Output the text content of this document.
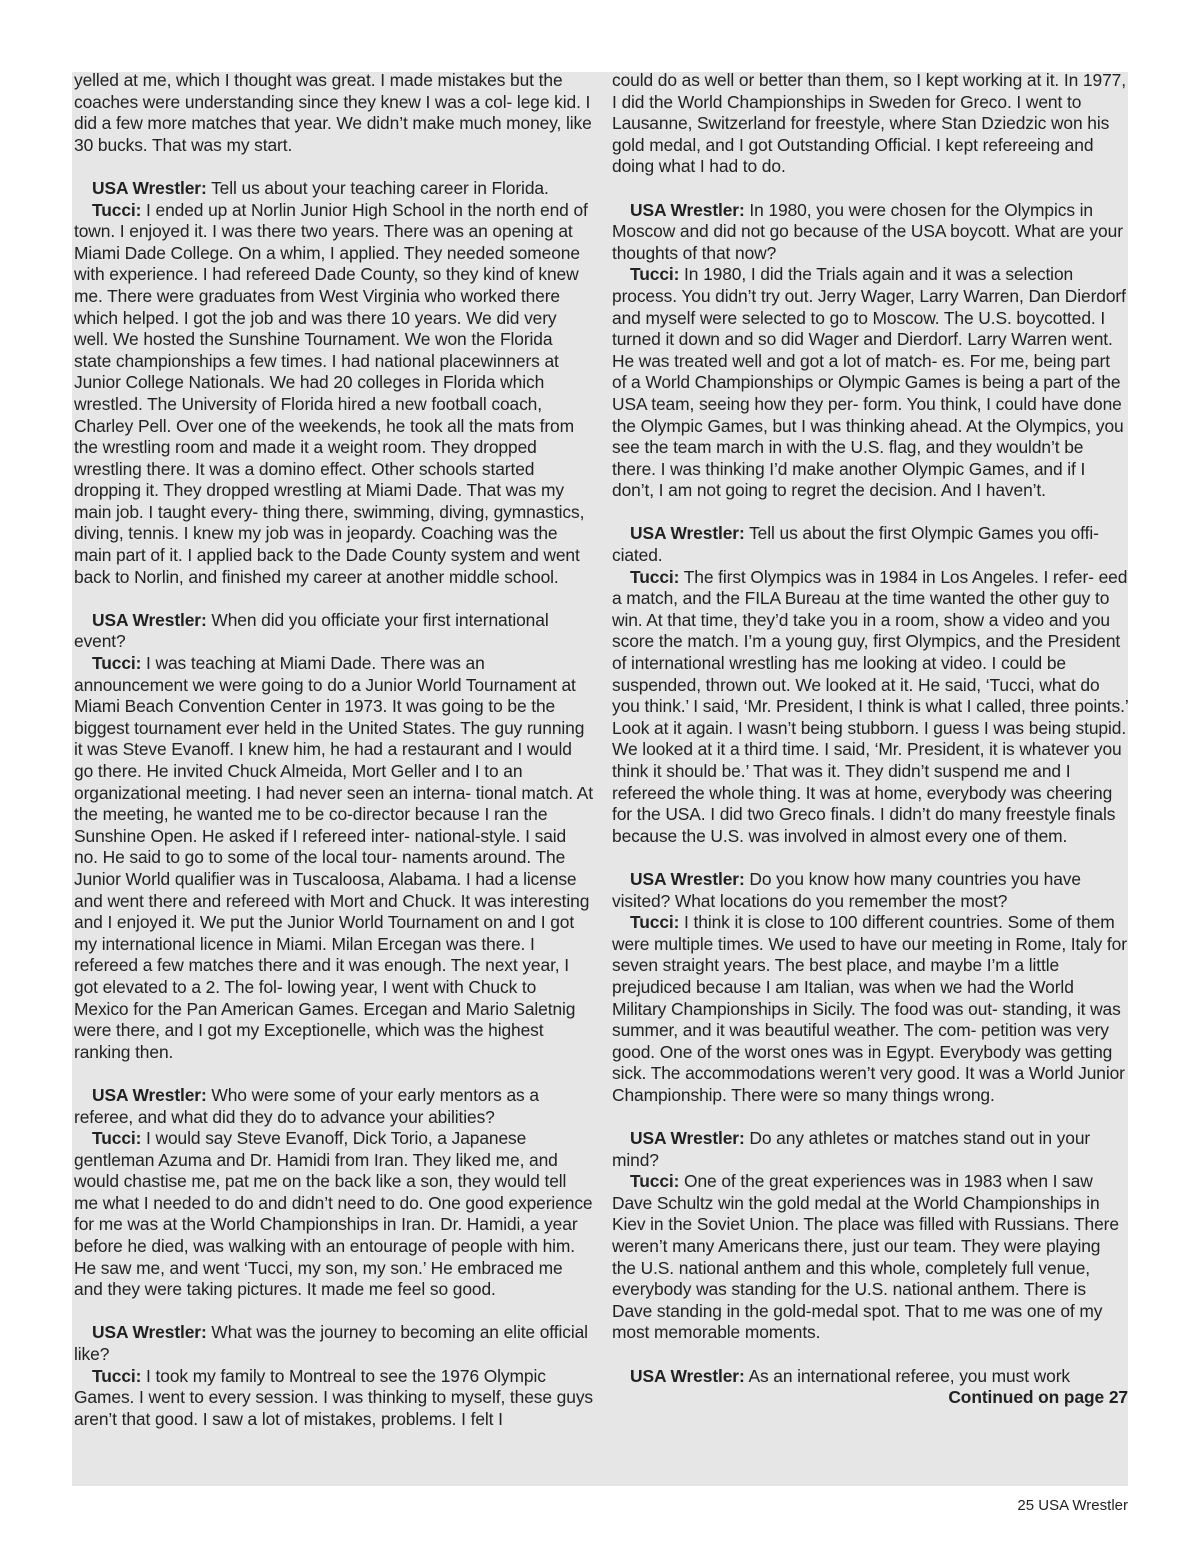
yelled at me, which I thought was great. I made mistakes but the coaches were understanding since they knew I was a col- lege kid. I did a few more matches that year. We didn’t make much money, like 30 bucks. That was my start.

USA Wrestler: Tell us about your teaching career in Florida.

Tucci: I ended up at Norlin Junior High School in the north end of town. I enjoyed it. I was there two years. There was an opening at Miami Dade College. On a whim, I applied. They needed someone with experience. I had refereed Dade County, so they kind of knew me. There were graduates from West Virginia who worked there which helped. I got the job and was there 10 years. We did very well. We hosted the Sunshine Tournament. We won the Florida state championships a few times. I had national placewinners at Junior College Nationals. We had 20 colleges in Florida which wrestled. The University of Florida hired a new football coach, Charley Pell. Over one of the weekends, he took all the mats from the wrestling room and made it a weight room. They dropped wrestling there. It was a domino effect. Other schools started dropping it. They dropped wrestling at Miami Dade. That was my main job. I taught every- thing there, swimming, diving, gymnastics, diving, tennis. I knew my job was in jeopardy. Coaching was the main part of it. I applied back to the Dade County system and went back to Norlin, and finished my career at another middle school.

USA Wrestler: When did you officiate your first international event?

Tucci: I was teaching at Miami Dade. There was an announcement we were going to do a Junior World Tournament at Miami Beach Convention Center in 1973. It was going to be the biggest tournament ever held in the United States. The guy running it was Steve Evanoff. I knew him, he had a restaurant and I would go there. He invited Chuck Almeida, Mort Geller and I to an organizational meeting. I had never seen an interna- tional match. At the meeting, he wanted me to be co-director because I ran the Sunshine Open. He asked if I refereed inter- national-style. I said no. He said to go to some of the local tour- naments around. The Junior World qualifier was in Tuscaloosa, Alabama. I had a license and went there and refereed with Mort and Chuck. It was interesting and I enjoyed it. We put the Junior World Tournament on and I got my international licence in Miami. Milan Ercegan was there. I refereed a few matches there and it was enough. The next year, I got elevated to a 2. The fol- lowing year, I went with Chuck to Mexico for the Pan American Games. Ercegan and Mario Saletnig were there, and I got my Exceptionelle, which was the highest ranking then.

USA Wrestler: Who were some of your early mentors as a referee, and what did they do to advance your abilities?

Tucci: I would say Steve Evanoff, Dick Torio, a Japanese gentleman Azuma and Dr. Hamidi from Iran. They liked me, and would chastise me, pat me on the back like a son, they would tell me what I needed to do and didn’t need to do. One good experience for me was at the World Championships in Iran. Dr. Hamidi, a year before he died, was walking with an entourage of people with him. He saw me, and went ‘Tucci, my son, my son.’ He embraced me and they were taking pictures. It made me feel so good.

USA Wrestler: What was the journey to becoming an elite official like?

Tucci: I took my family to Montreal to see the 1976 Olympic Games. I went to every session. I was thinking to myself, these guys aren’t that good. I saw a lot of mistakes, problems. I felt I

could do as well or better than them, so I kept working at it. In 1977, I did the World Championships in Sweden for Greco. I went to Lausanne, Switzerland for freestyle, where Stan Dziedzic won his gold medal, and I got Outstanding Official. I kept refereeing and doing what I had to do.

USA Wrestler: In 1980, you were chosen for the Olympics in Moscow and did not go because of the USA boycott. What are your thoughts of that now?

Tucci: In 1980, I did the Trials again and it was a selection process. You didn’t try out. Jerry Wager, Larry Warren, Dan Dierdorf and myself were selected to go to Moscow. The U.S. boycotted. I turned it down and so did Wager and Dierdorf. Larry Warren went. He was treated well and got a lot of match- es. For me, being part of a World Championships or Olympic Games is being a part of the USA team, seeing how they per- form. You think, I could have done the Olympic Games, but I was thinking ahead. At the Olympics, you see the team march in with the U.S. flag, and they wouldn’t be there. I was thinking I’d make another Olympic Games, and if I don’t, I am not going to regret the decision. And I haven’t.

USA Wrestler: Tell us about the first Olympic Games you offi- ciated.

Tucci: The first Olympics was in 1984 in Los Angeles. I refer- eed a match, and the FILA Bureau at the time wanted the other guy to win. At that time, they’d take you in a room, show a video and you score the match. I’m a young guy, first Olympics, and the President of international wrestling has me looking at video. I could be suspended, thrown out. We looked at it. He said, ‘Tucci, what do you think.’ I said, ‘Mr. President, I think is what I called, three points.’ Look at it again. I wasn’t being stubborn. I guess I was being stupid. We looked at it a third time. I said, ‘Mr. President, it is whatever you think it should be.’ That was it. They didn’t suspend me and I refereed the whole thing. It was at home, everybody was cheering for the USA. I did two Greco finals. I didn’t do many freestyle finals because the U.S. was involved in almost every one of them.

USA Wrestler: Do you know how many countries you have visited? What locations do you remember the most?

Tucci: I think it is close to 100 different countries. Some of them were multiple times. We used to have our meeting in Rome, Italy for seven straight years. The best place, and maybe I’m a little prejudiced because I am Italian, was when we had the World Military Championships in Sicily. The food was out- standing, it was summer, and it was beautiful weather. The com- petition was very good. One of the worst ones was in Egypt. Everybody was getting sick. The accommodations weren’t very good. It was a World Junior Championship. There were so many things wrong.

USA Wrestler: Do any athletes or matches stand out in your mind?

Tucci: One of the great experiences was in 1983 when I saw Dave Schultz win the gold medal at the World Championships in Kiev in the Soviet Union. The place was filled with Russians. There weren’t many Americans there, just our team. They were playing the U.S. national anthem and this whole, completely full venue, everybody was standing for the U.S. national anthem. There is Dave standing in the gold-medal spot. That to me was one of my most memorable moments.

USA Wrestler: As an international referee, you must work

Continued on page 27

25 USA Wrestler
